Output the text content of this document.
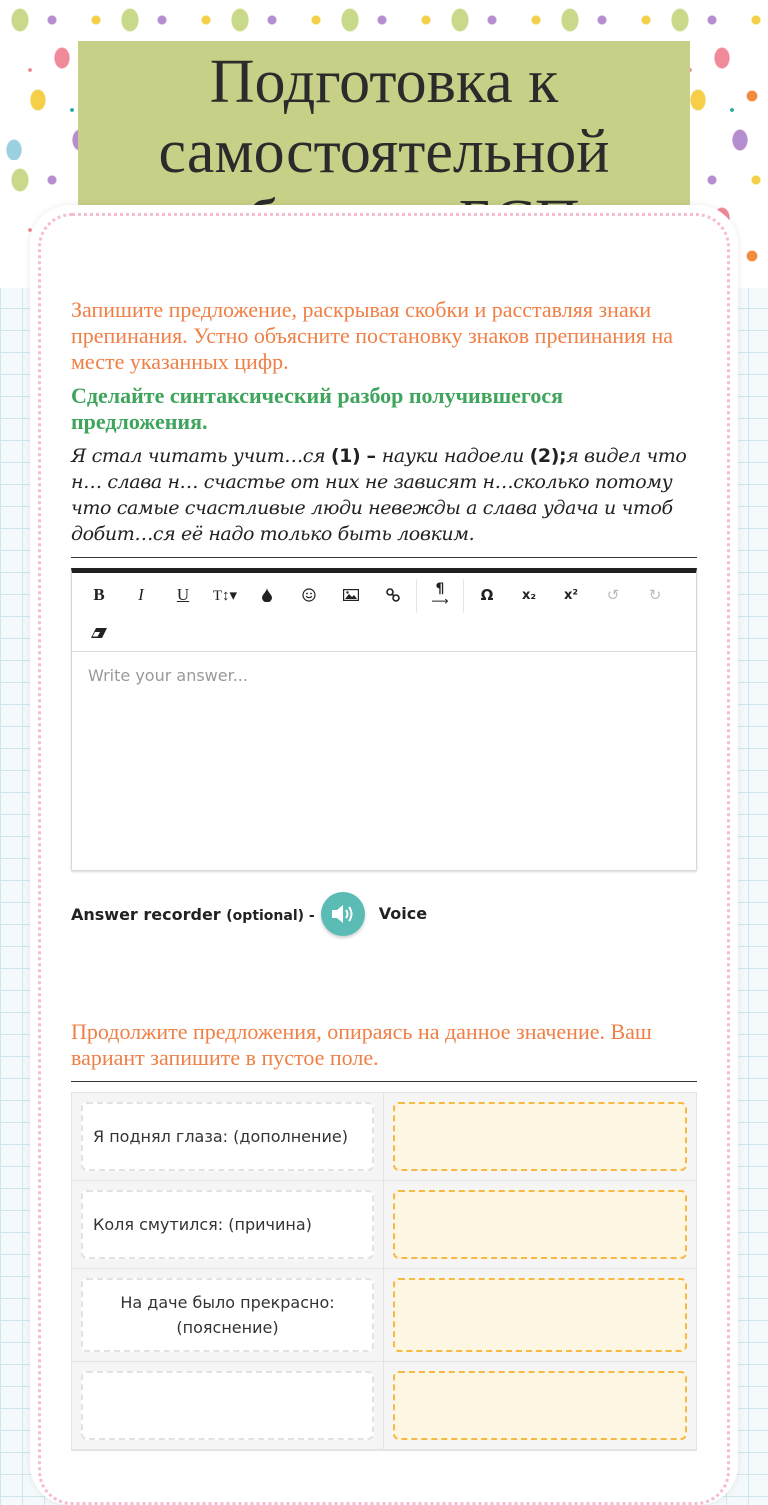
Подготовка к самостоятельной

Запишите предложение, раскрывая скобки и расставляя знаки препинания. Устно объясните постановку знаков препинания на месте указанных цифр.

Сделайте синтаксический разбор получившегося предложения.

Я стал читать учит…ся (1) – науки надоели (2);я видел что н… слава н… счастье от них не зависят н…сколько потому что самые счастливые люди невежды а слава удача и чтоб добит…ся её надо только быть ловким.

B I U T↕▾	¶
⟶ Ω x₂ x² ↺ ↻
Write your answer...
Answer recorder (optional) -	Voice

Продолжите предложения, опираясь на данное значение. Ваш вариант запишите в пустое поле.

Я поднял глаза: (дополнение)
Коля смутился: (причина)
На даче было прекрасно: (пояснение)
